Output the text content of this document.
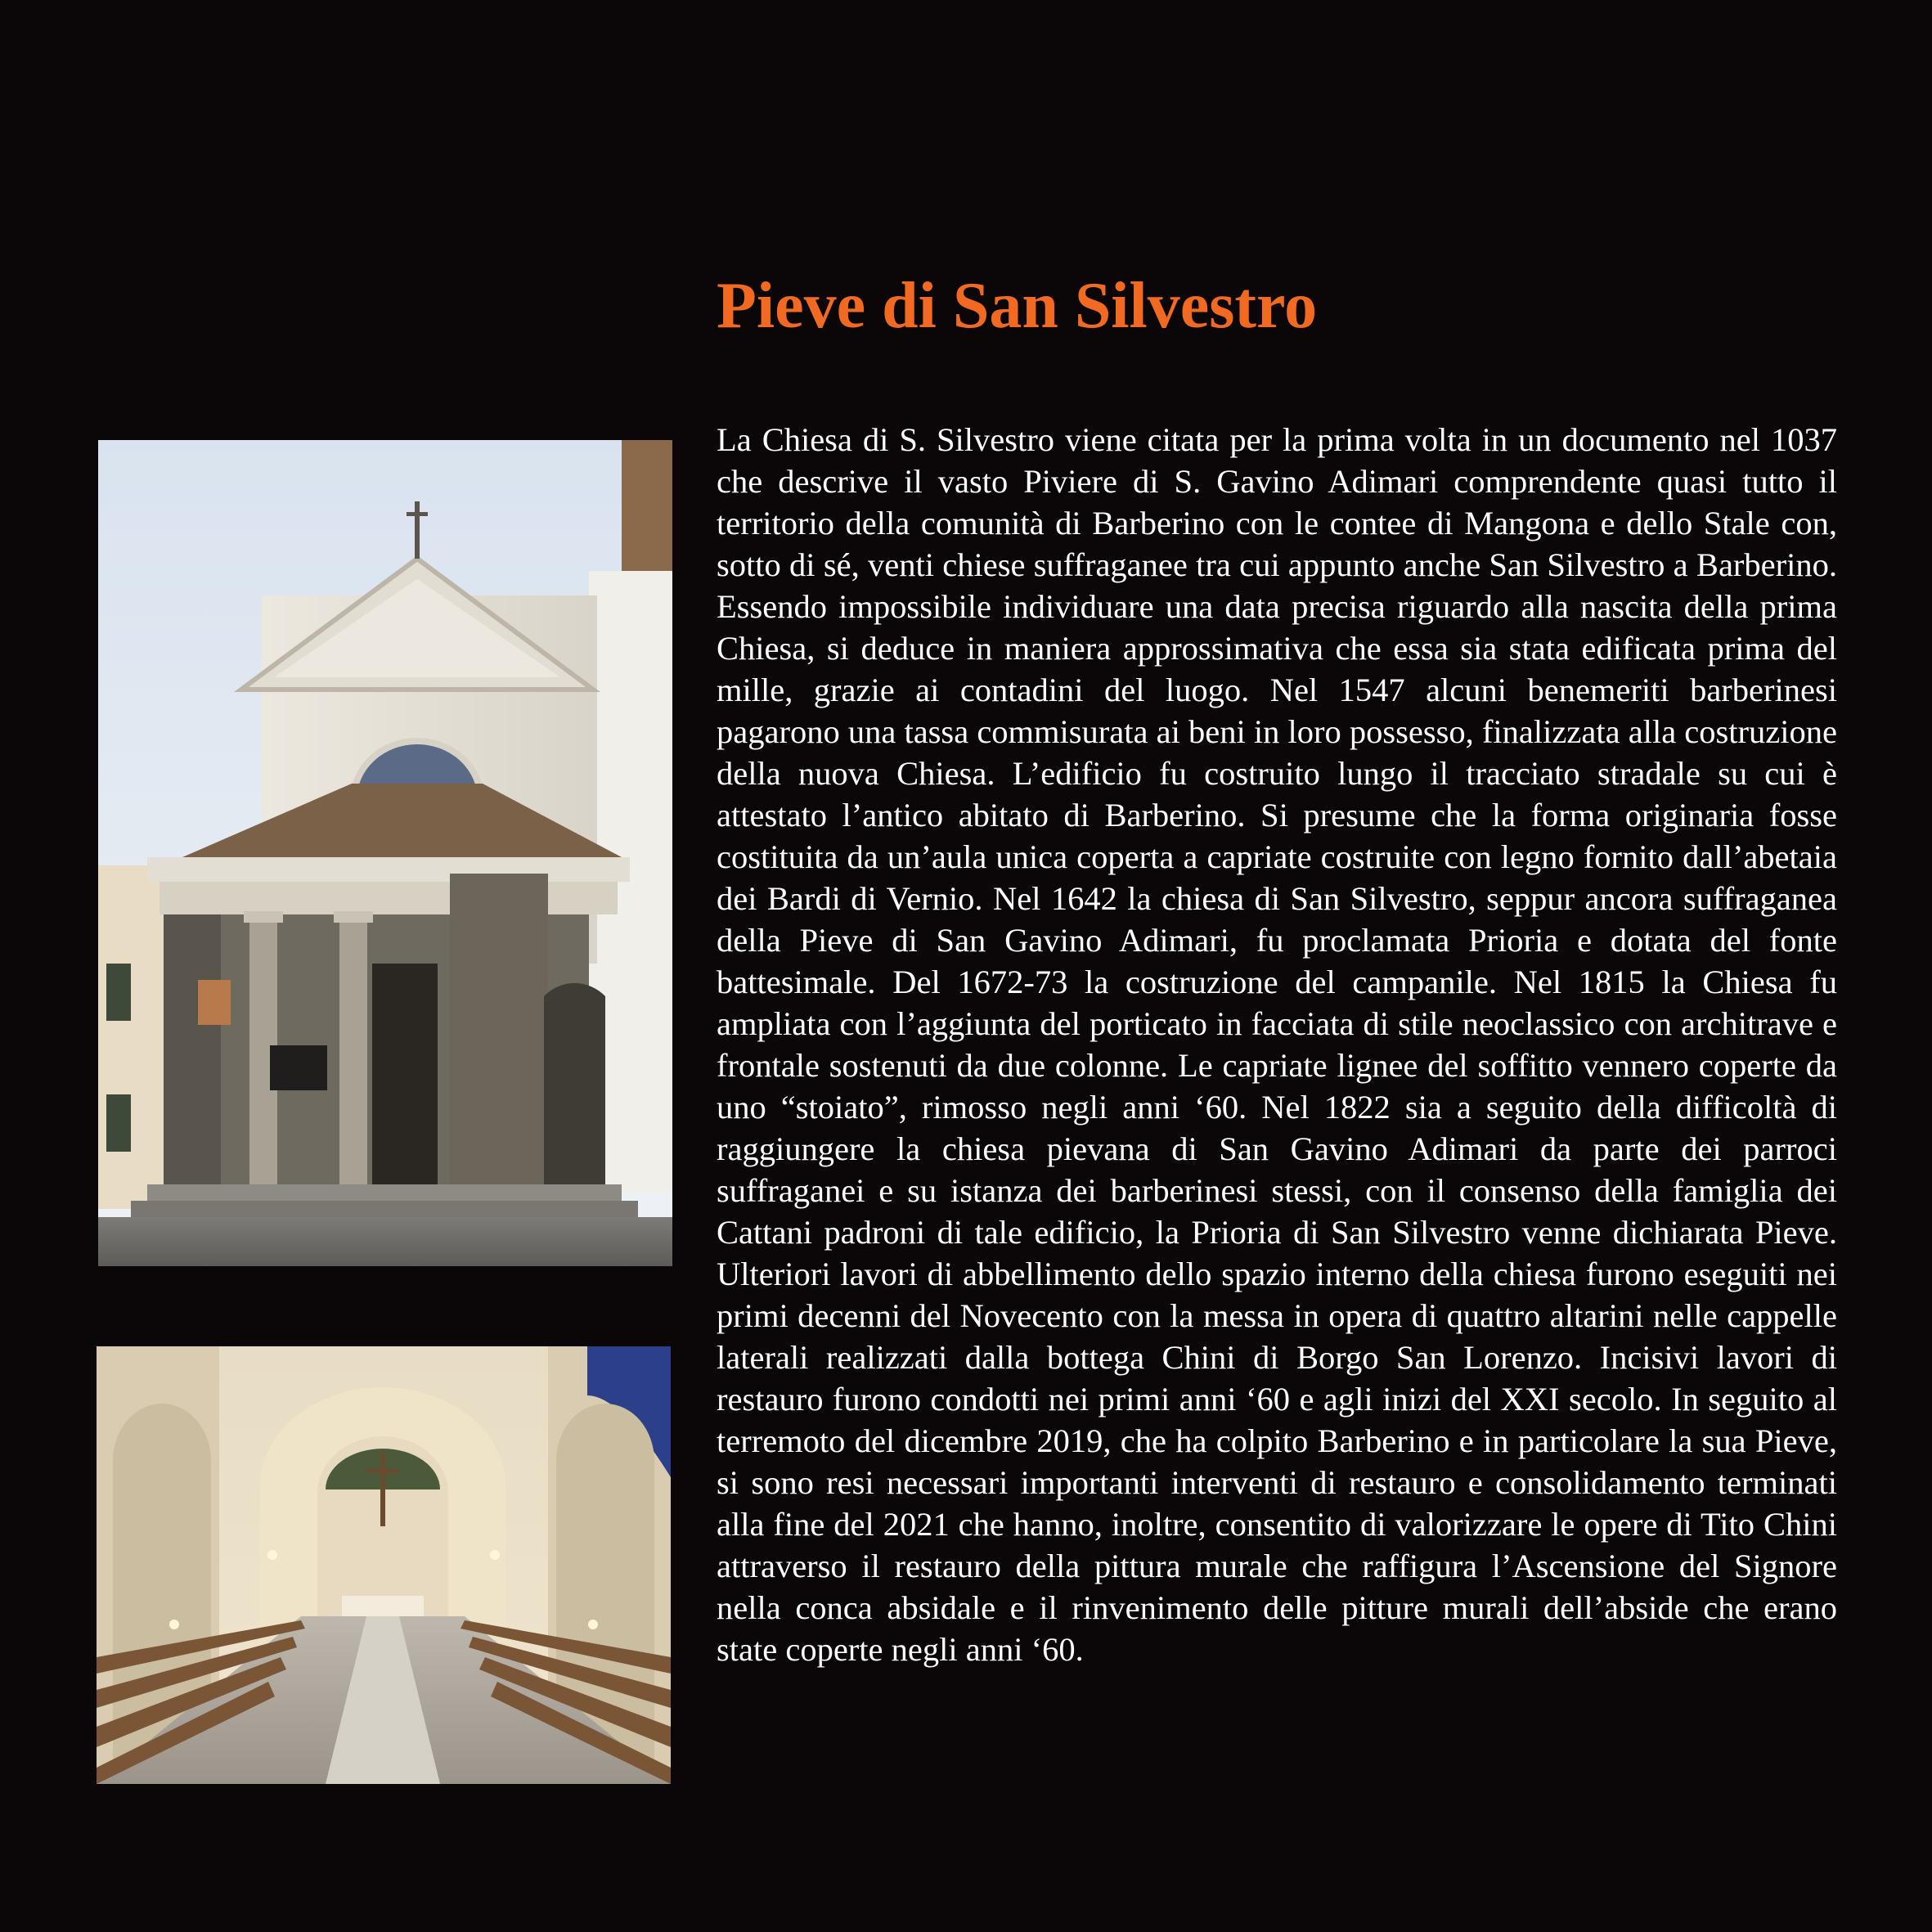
Pieve di San Silvestro

La Chiesa di S. Silvestro viene citata per la prima volta in un documento nel 1037 che descrive il vasto Piviere di S. Gavino Adimari comprendente quasi tutto il territorio della comunità di Barberino con le contee di Mangona e dello Stale con, sotto di sé, venti chiese suffraganee tra cui appunto anche San Silvestro a Barberino. Essendo impossibile individuare una data precisa riguardo alla nascita della prima Chiesa, si deduce in maniera approssimativa che essa sia stata edificata prima del mille, grazie ai contadini del luogo. Nel 1547 alcuni benemeriti barberinesi pagarono una tassa commisurata ai beni in loro possesso, finalizzata alla costruzione della nuova Chiesa. L’edificio fu costruito lungo il tracciato stradale su cui è attestato l’antico abitato di Barberino. Si presume che la forma originaria fosse costituita da un’aula unica coperta a capriate costruite con legno fornito dall’abetaia dei Bardi di Vernio. Nel 1642 la chiesa di San Silvestro, seppur ancora suffraganea della Pieve di San Gavino Adimari, fu proclamata Prioria e dotata del fonte battesimale. Del 1672-73 la costruzione del campanile. Nel 1815 la Chiesa fu ampliata con l’aggiunta del porticato in facciata di stile neoclassico con architrave e frontale sostenuti da due colonne. Le capriate lignee del soffitto vennero coperte da uno “stoiato”, rimosso negli anni ‘60. Nel 1822 sia a seguito della difficoltà di raggiungere la chiesa pievana di San Gavino Adimari da parte dei parroci suffraganei e su istanza dei barberinesi stessi, con il consenso della famiglia dei Cattani padroni di tale edificio, la Prioria di San Silvestro venne dichiarata Pieve. Ulteriori lavori di abbellimento dello spazio interno della chiesa furono eseguiti nei primi decenni del Novecento con la messa in opera di quattro altarini nelle cappelle laterali realizzati dalla bottega Chini di Borgo San Lorenzo. Incisivi lavori di restauro furono condotti nei primi anni ‘60 e agli inizi del XXI secolo. In seguito al terremoto del dicembre 2019, che ha colpito Barberino e in particolare la sua Pieve, si sono resi necessari importanti interventi di restauro e consolidamento terminati alla fine del 2021 che hanno, inoltre, consentito di valorizzare le opere di Tito Chini attraverso il restauro della pittura murale che raffigura l’Ascensione del Signore nella conca absidale e il rinvenimento delle pitture murali dell’abside che erano state coperte negli anni ‘60.
